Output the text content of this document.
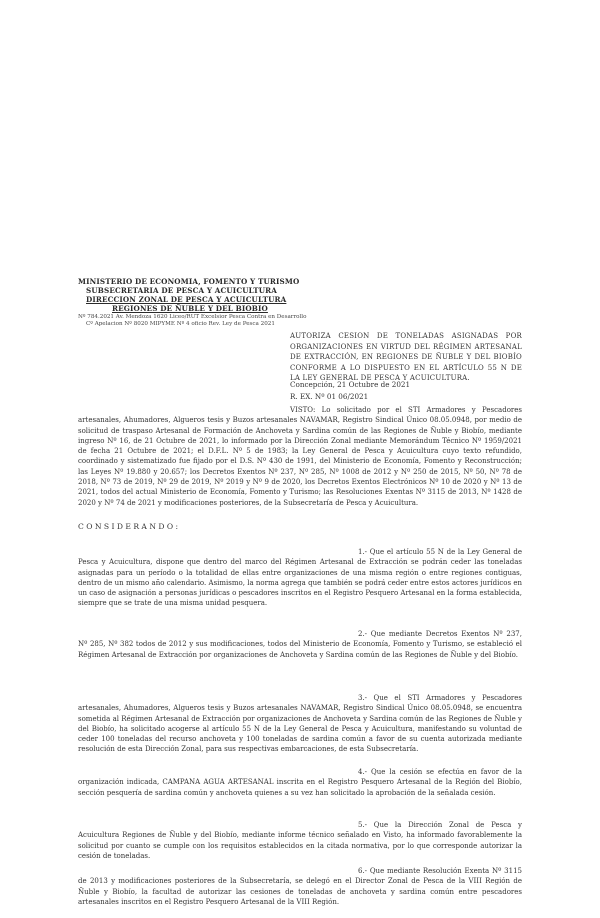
MINISTERIO DE ECONOMIA, FOMENTO Y TURISMO
SUBSECRETARIA DE PESCA Y ACUICULTURA
DIRECCION ZONAL DE PESCA Y ACUICULTURA
REGIONES DE ÑUBLE Y DEL BIOBIO
Nº 784.2021 Av. Mendoza 1620 Liceo/RUT Excelsior Pesca Contra en Desarrollo
Cº Apelacion Nº 8020 MIPYME Nº 4 oficio Rev. Ley de Pesca 2021
AUTORIZA CESION DE TONELADAS ASIGNADAS POR ORGANIZACIONES EN VIRTUD DEL RÉGIMEN ARTESANAL DE EXTRACCIÓN, EN REGIONES DE ÑUBLE Y DEL BIOBÍO CONFORME A LO DISPUESTO EN EL ARTÍCULO 55 N DE LA LEY GENERAL DE PESCA Y ACUICULTURA.
Concepción, 21 Octubre de 2021
R. EX. Nº 01 06/2021
VISTO: Lo solicitado por el STI Armadores y Pescadores artesanales, Ahumadores, Algueros tesis y Buzos artesanales NAVAMAR, Registro Sindical Único 08.05.0948, por medio de solicitud de traspaso Artesanal de Formación de Anchoveta y Sardina común de las Regiones de Ñuble y Biobío, mediante ingreso Nº 16, de 21 Octubre de 2021, lo informado por la Dirección Zonal mediante Memorándum Técnico Nº 1959/2021 de fecha 21 Octubre de 2021; el D.F.L. Nº 5 de 1983; la Ley General de Pesca y Acuicultura cuyo texto refundido, coordinado y sistematizado fue fijado por el D.S. Nº 430 de 1991, del Ministerio de Economía, Fomento y Reconstrucción; las Leyes Nº 19.880 y 20.657; los Decretos Exentos Nº 237, Nº 285, Nº 1008 de 2012 y Nº 250 de 2015, Nº 50, Nº 78 de 2018, Nº 73 de 2019, Nº 29 de 2019, Nº 2019 y Nº 9 de 2020, los Decretos Exentos Electrónicos Nº 10 de 2020 y Nº 13 de 2021, todos del actual Ministerio de Economía, Fomento y Turismo; las Resoluciones Exentas Nº 3115 de 2013, Nº 1428 de 2020 y Nº 74 de 2021 y modificaciones posteriores, de la Subsecretaría de Pesca y Acuicultura.
CONSIDERANDO:
1.- Que el artículo 55 N de la Ley General de Pesca y Acuicultura, dispone que dentro del marco del Régimen Artesanal de Extracción se podrán ceder las toneladas asignadas para un período o la totalidad de ellas entre organizaciones de una misma región o entre regiones contiguas, dentro de un mismo año calendario. Asimismo, la norma agrega que también se podrá ceder entre estos actores jurídicos en un caso de asignación a personas jurídicas o pescadores inscritos en el Registro Pesquero Artesanal en la forma establecida, siempre que se trate de una misma unidad pesquera.
2.- Que mediante Decretos Exentos Nº 237, Nº 285, Nº 382 todos de 2012 y sus modificaciones, todos del Ministerio de Economía, Fomento y Turismo, se estableció el Régimen Artesanal de Extracción por organizaciones de Anchoveta y Sardina común de las Regiones de Ñuble y del Biobío.
3.- Que el STI Armadores y Pescadores artesanales, Ahumadores, Algueros tesis y Buzos artesanales NAVAMAR, Registro Sindical Único 08.05.0948, se encuentra sometida al Régimen Artesanal de Extracción por organizaciones de Anchoveta y Sardina común de las Regiones de Ñuble y del Biobío, ha solicitado acogerse al artículo 55 N de la Ley General de Pesca y Acuicultura, manifestando su voluntad de ceder 100 toneladas del recurso anchoveta y 100 toneladas de sardina común a favor de su cuenta autorizada mediante resolución de esta Dirección Zonal, para sus respectivas embarcaciones, de esta Subsecretaría.
4.- Que la cesión se efectúa en favor de la organización indicada, CAMPANA AGUA ARTESANAL inscrita en el Registro Pesquero Artesanal de la Región del Biobío, sección pesquería de sardina común y anchoveta quienes a su vez han solicitado la aprobación de la señalada cesión.
5.- Que la Dirección Zonal de Pesca y Acuicultura Regiones de Ñuble y del Biobío, mediante informe técnico señalado en Visto, ha informado favorablemente la solicitud por cuanto se cumple con los requisitos establecidos en la citada normativa, por lo que corresponde autorizar la cesión de toneladas.
6.- Que mediante Resolución Exenta Nº 3115 de 2013 y modificaciones posteriores de la Subsecretaría, se delegó en el Director Zonal de Pesca de la VIII Región de Ñuble y Biobío, la facultad de autorizar las cesiones de toneladas de anchoveta y sardina común entre pescadores artesanales inscritos en el Registro Pesquero Artesanal de la VIII Región.
